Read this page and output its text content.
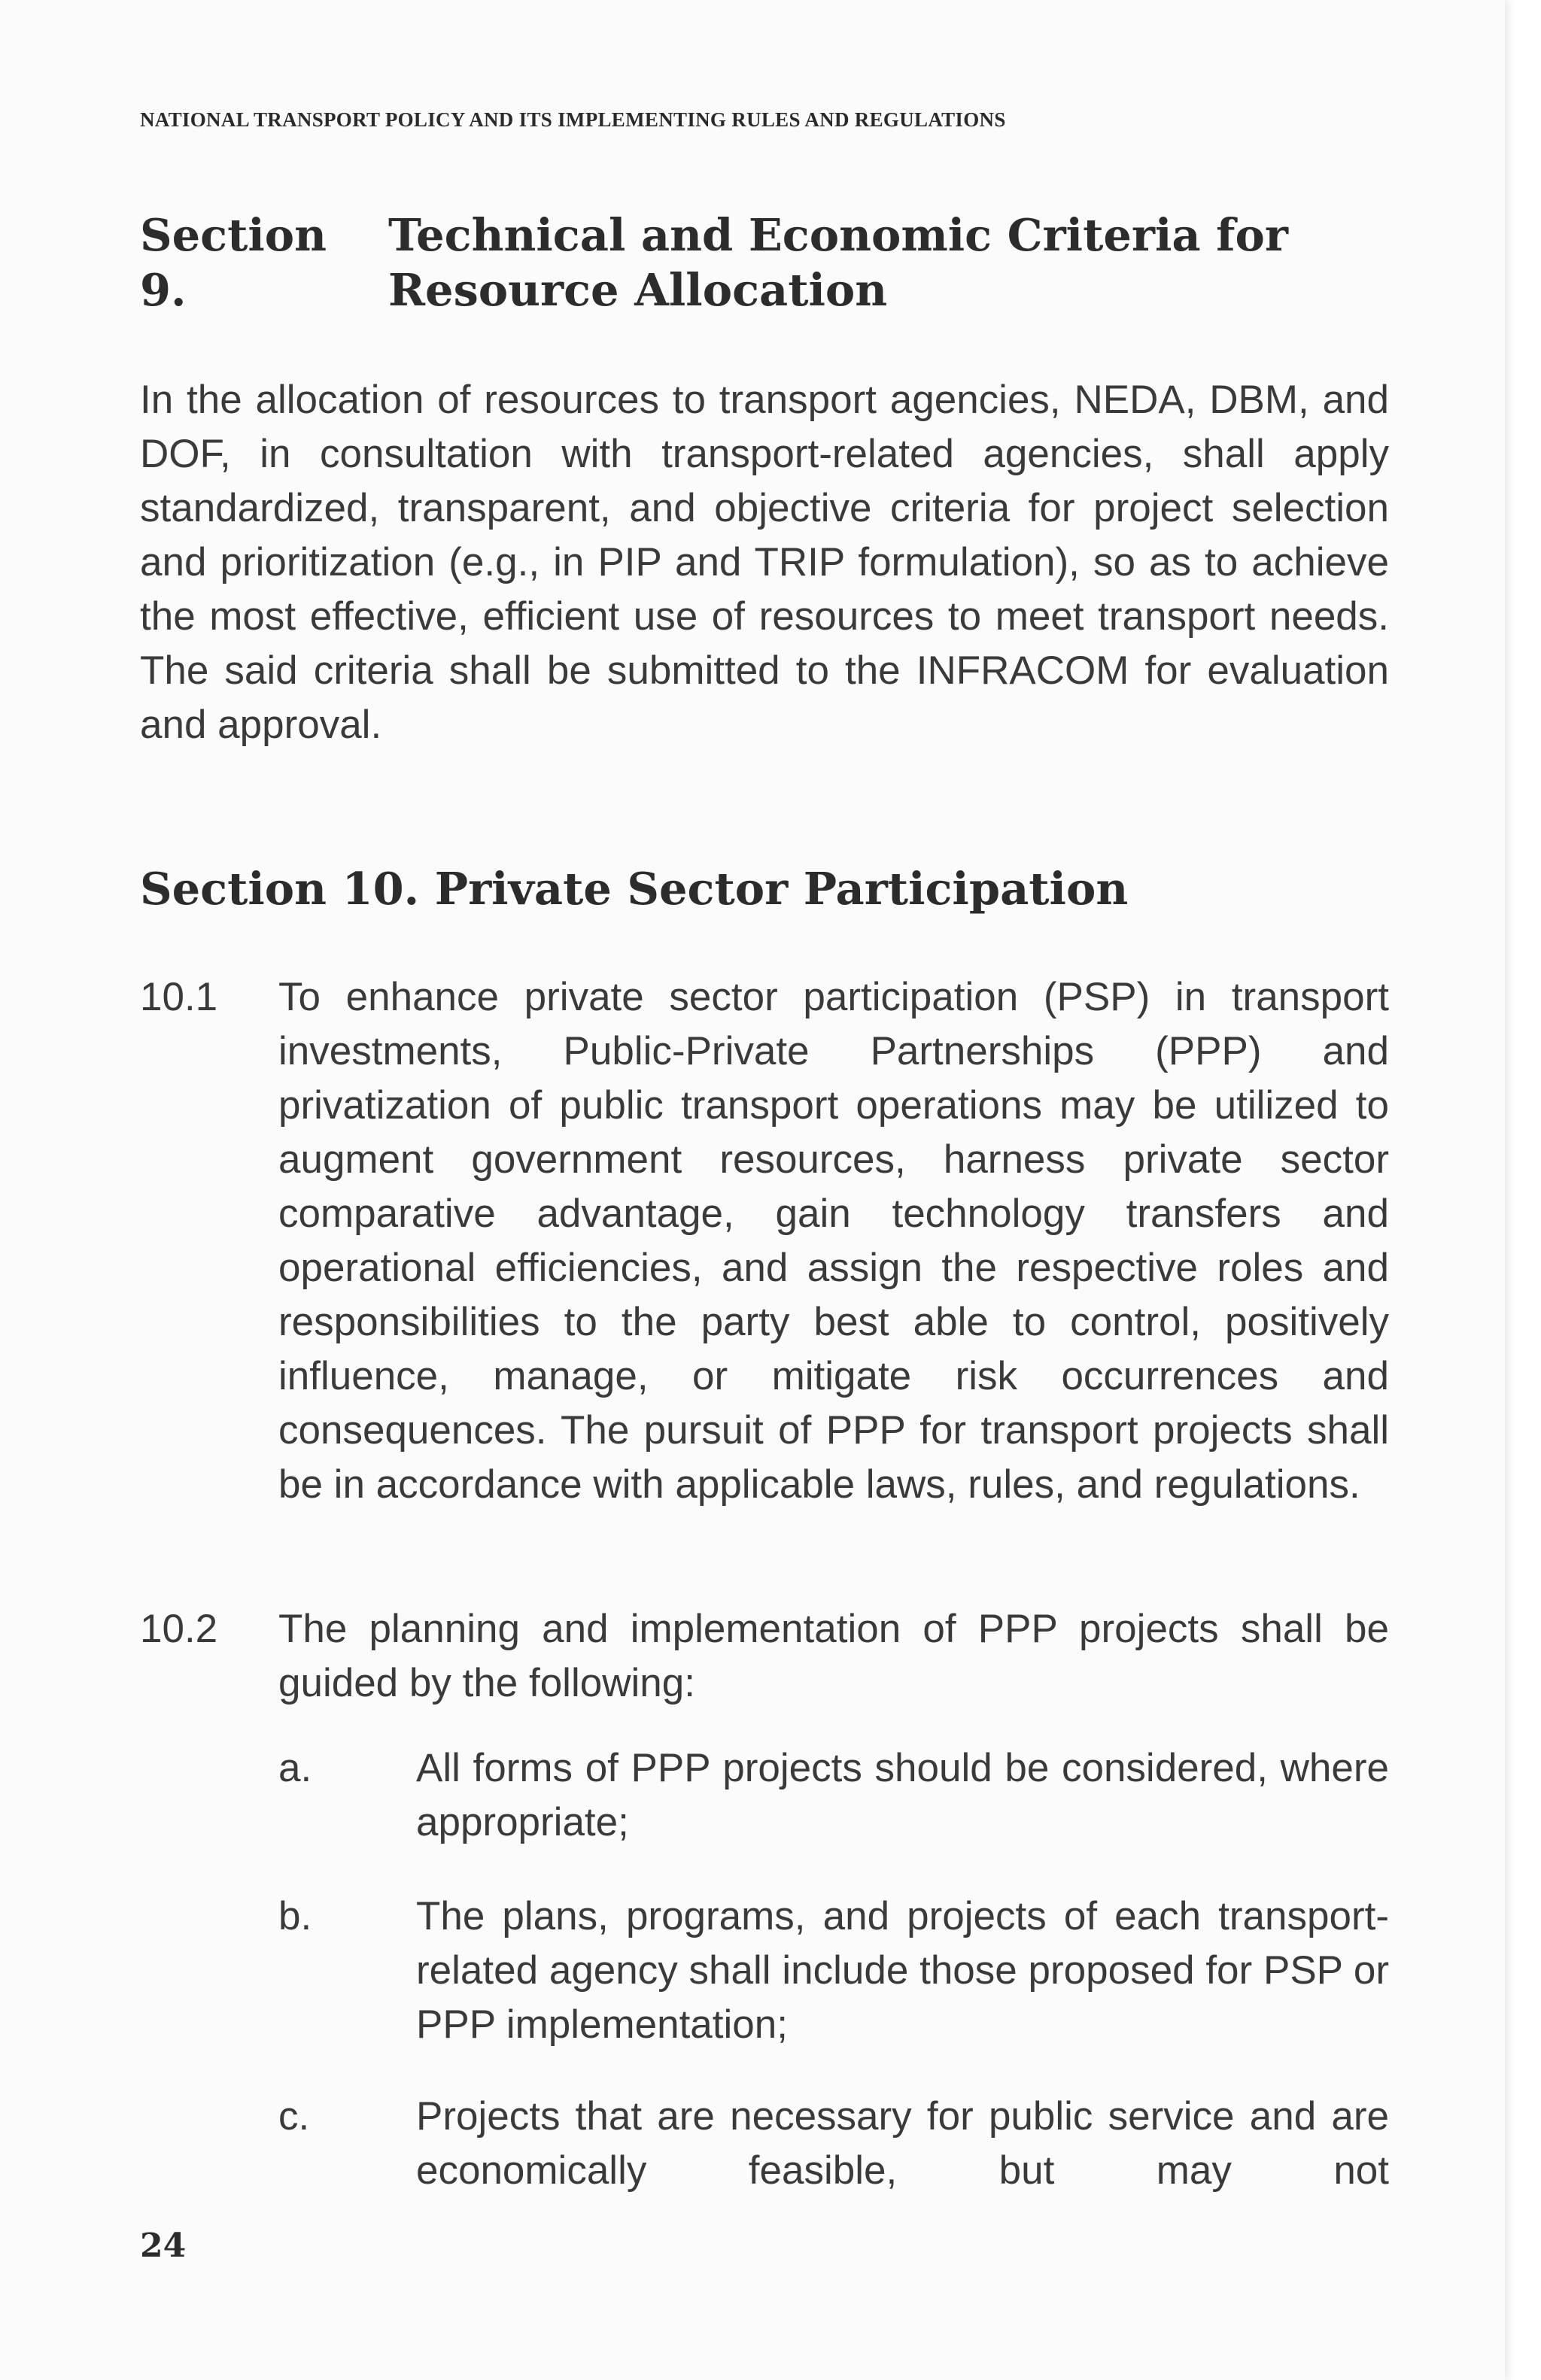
NATIONAL TRANSPORT POLICY AND ITS IMPLEMENTING RULES AND REGULATIONS
Section 9.Technical and Economic Criteria for Resource Allocation
In the allocation of resources to transport agencies, NEDA, DBM, and DOF, in consultation with transport-related agencies, shall apply standardized, transparent, and objective criteria for project selection and prioritization (e.g., in PIP and TRIP formulation), so as to achieve the most effective, efficient use of resources to meet transport needs. The said criteria shall be submitted to the INFRACOM for evaluation and approval.
Section 10. Private Sector Participation
10.1 To enhance private sector participation (PSP) in transport investments, Public-Private Partnerships (PPP) and privatization of public transport operations may be utilized to augment government resources, harness private sector comparative advantage, gain technology transfers and operational efficiencies, and assign the respective roles and responsibilities to the party best able to control, positively influence, manage, or mitigate risk occurrences and consequences. The pursuit of PPP for transport projects shall be in accordance with applicable laws, rules, and regulations.
10.2 The planning and implementation of PPP projects shall be guided by the following:
a.	All forms of PPP projects should be considered, where appropriate;
b.	The plans, programs, and projects of each transport-related agency shall include those proposed for PSP or PPP implementation;
c.	Projects that are necessary for public service and are economically feasible, but may not
24
